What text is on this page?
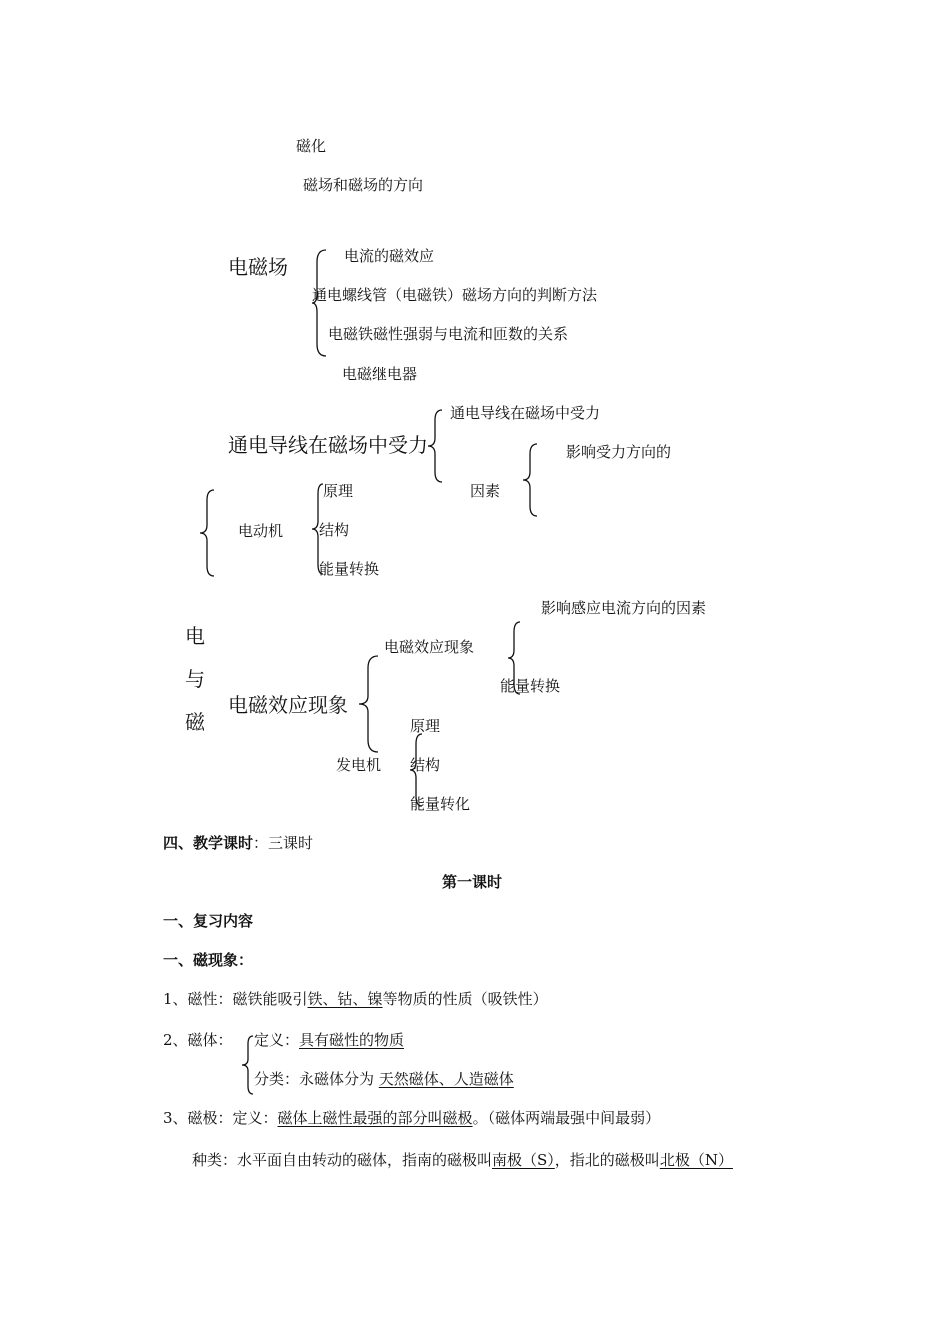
磁化
磁场和磁场的方向
电磁场	电流的磁效应
通电螺线管（电磁铁）磁场方向的判断方法
电磁铁磁性强弱与电流和匝数的关系
电磁继电器
通电导线在磁场中受力
通电导线在磁场中受力
因素
影响受力方向的
电动机
原理
结构
能量转换
电
与
磁
电磁效应现象
电磁效应现象
影响感应电流方向的因素
能量转换
发电机
原理
结构
能量转化
四、教学课时：三课时
第一课时
一、复习内容
一、磁现象：
1、磁性：磁铁能吸引铁、钴、镍等物质的性质（吸铁性）
2、磁体： 定义：具有磁性的物质
分类：永磁体分为 天然磁体、人造磁体
3、磁极：定义：磁体上磁性最强的部分叫磁极。（磁体两端最强中间最弱）
种类：水平面自由转动的磁体，指南的磁极叫南极（S），指北的磁极叫北极（N）
